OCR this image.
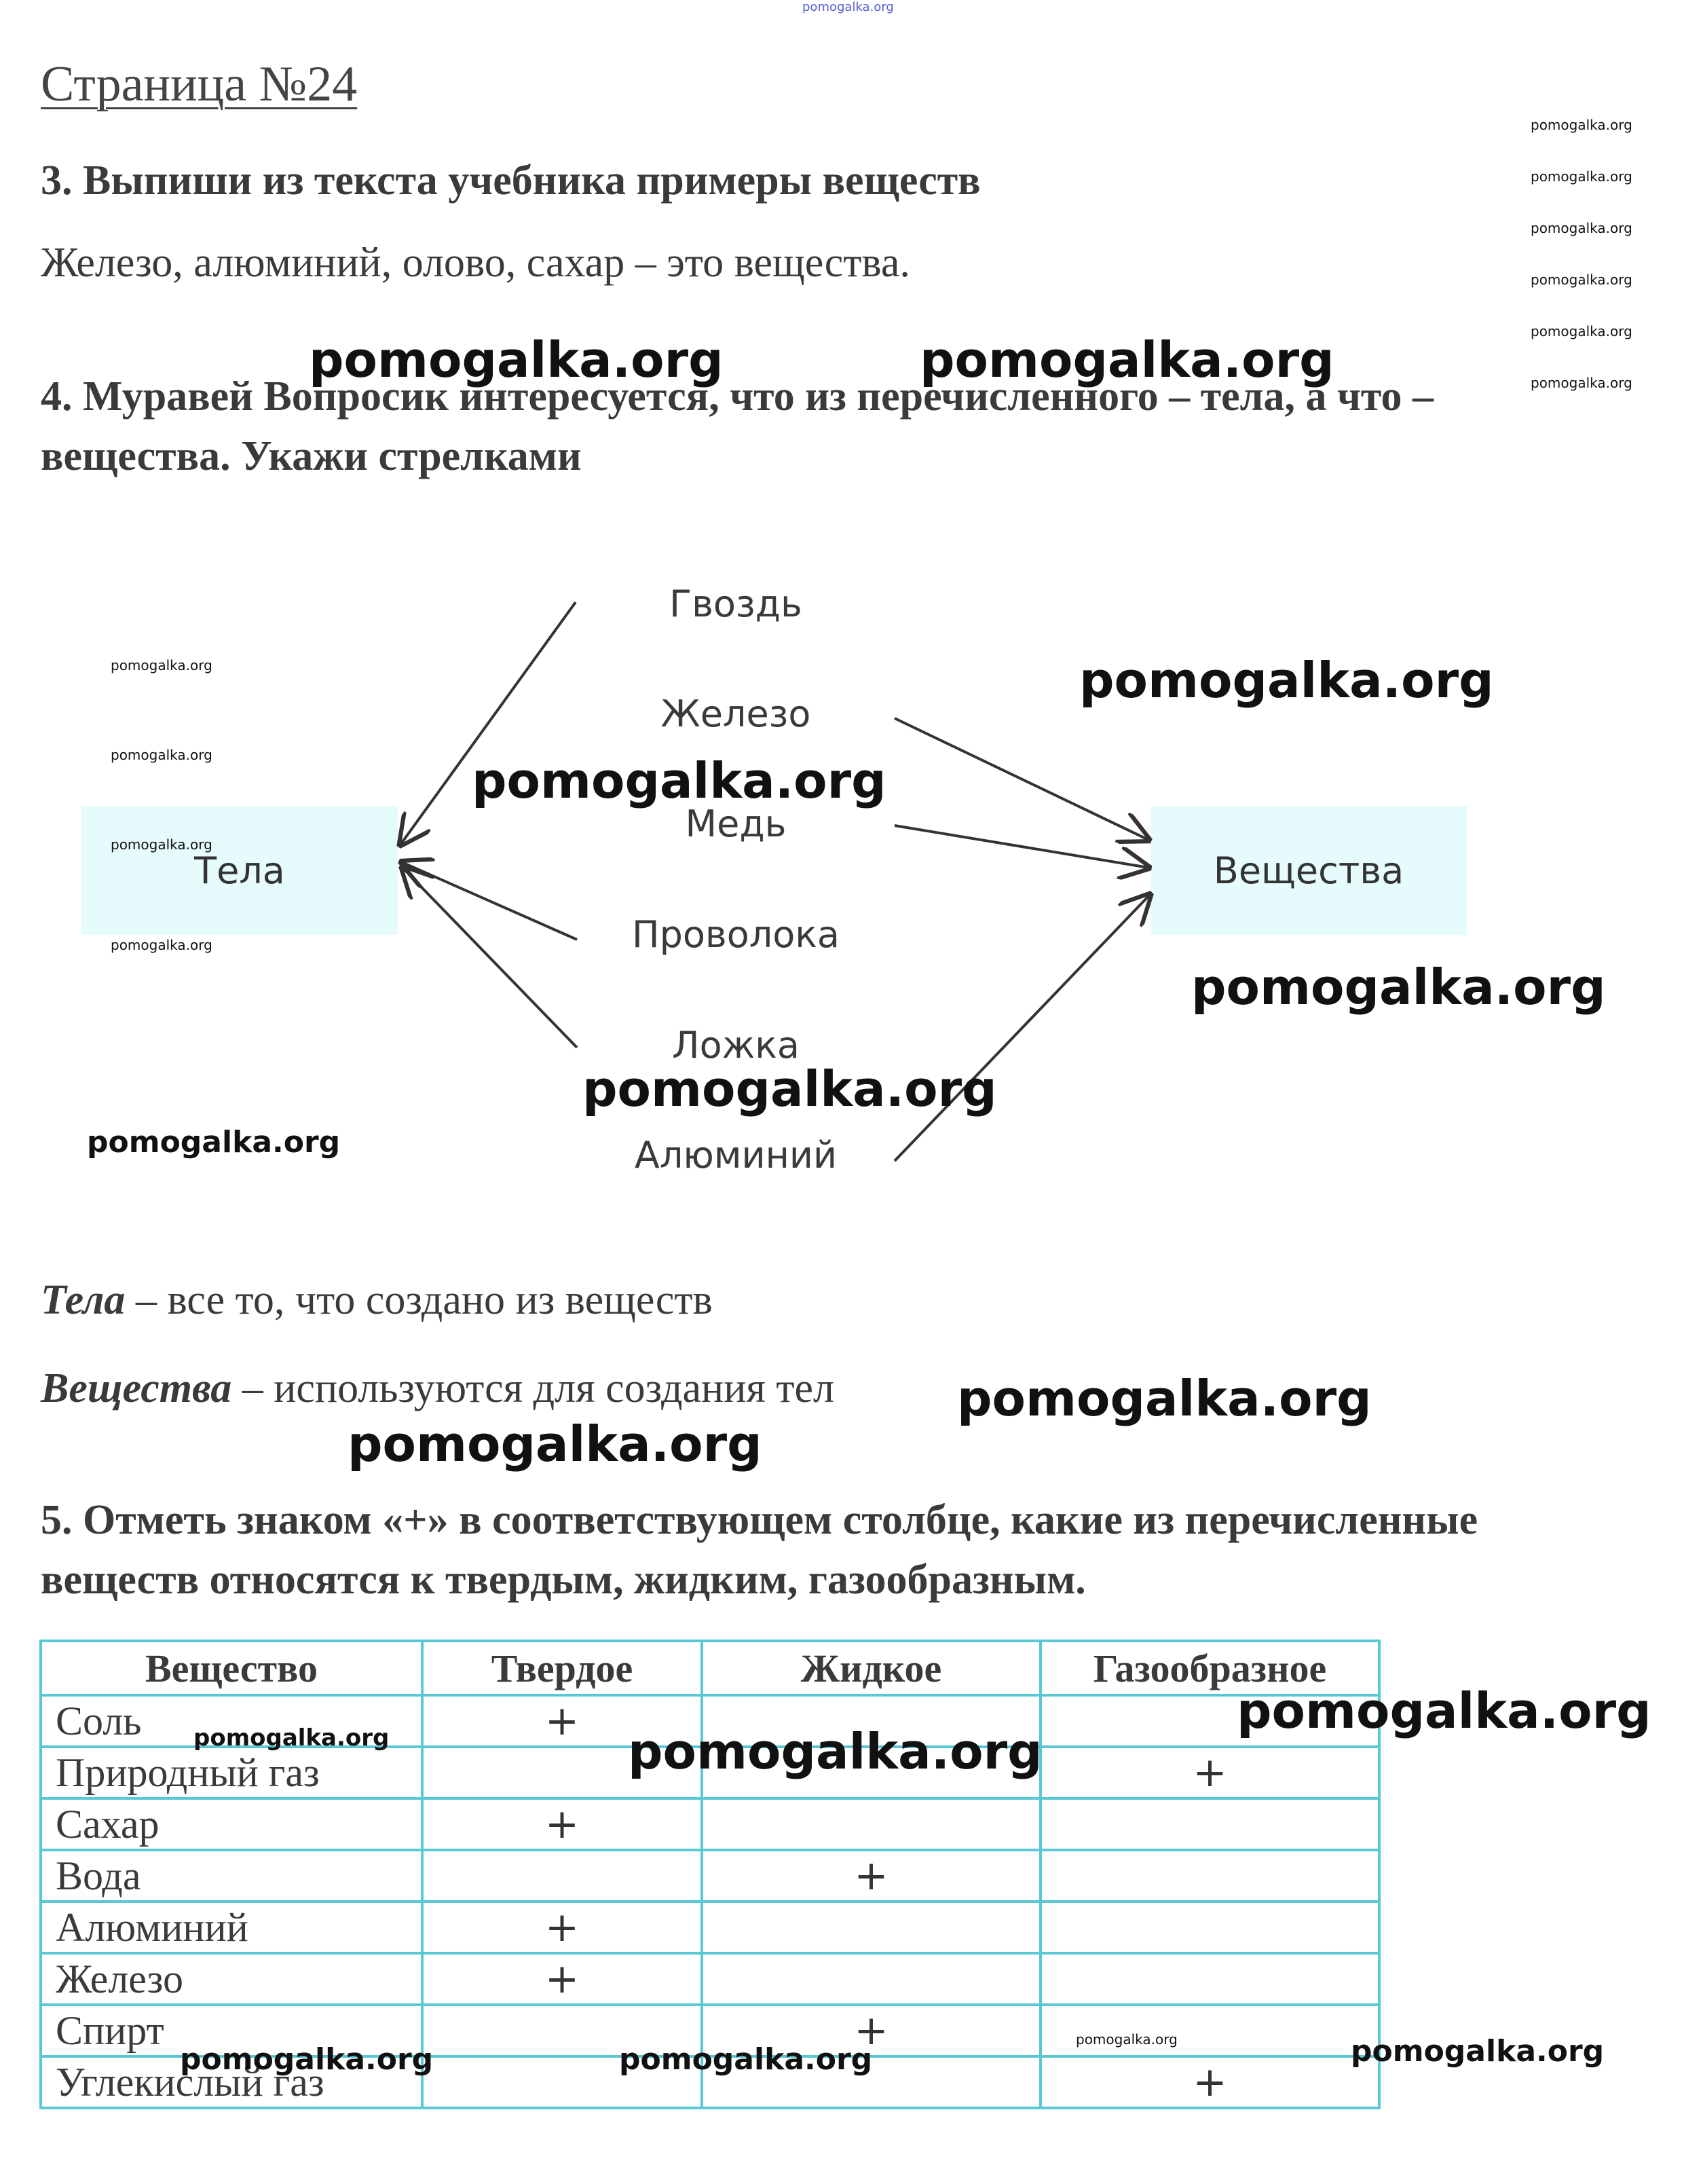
pomogalka.org
Страница №24
3. Выпиши из текста учебника примеры веществ
Железо, алюминий, олово, сахар – это вещества.
4. Муравей Вопросик интересуется, что из перечисленного – тела, а что –
вещества. Укажи стрелками
Тела	Вещества
Гвоздь
Железо
Медь
Проволока
Ложка
Алюминий
Тела – все то, что создано из веществ
Вещества – используются для создания тел
5. Отметь знаком «+» в соответствующем столбце, какие из перечисленные
веществ относятся к твердым, жидким, газообразным.
Вещество	Твердое	Жидкое	Газообразное
Соль	+		
Природный газ			+
Сахар	+		
Вода		+	
Алюминий	+		
Железо	+		
Спирт		+	
Углекислый газ			+
pomogalka.org
pomogalka.org
pomogalka.org
pomogalka.org
pomogalka.org
pomogalka.org
pomogalka.org	pomogalka.org
pomogalka.org
pomogalka.org
pomogalka.org
pomogalka.org
pomogalka.org
pomogalka.org
pomogalka.org
pomogalka.org
pomogalka.org
pomogalka.org
pomogalka.org	pomogalka.org	pomogalka.org
pomogalka.org
pomogalka.org
pomogalka.org
pomogalka.org
pomogalka.org
